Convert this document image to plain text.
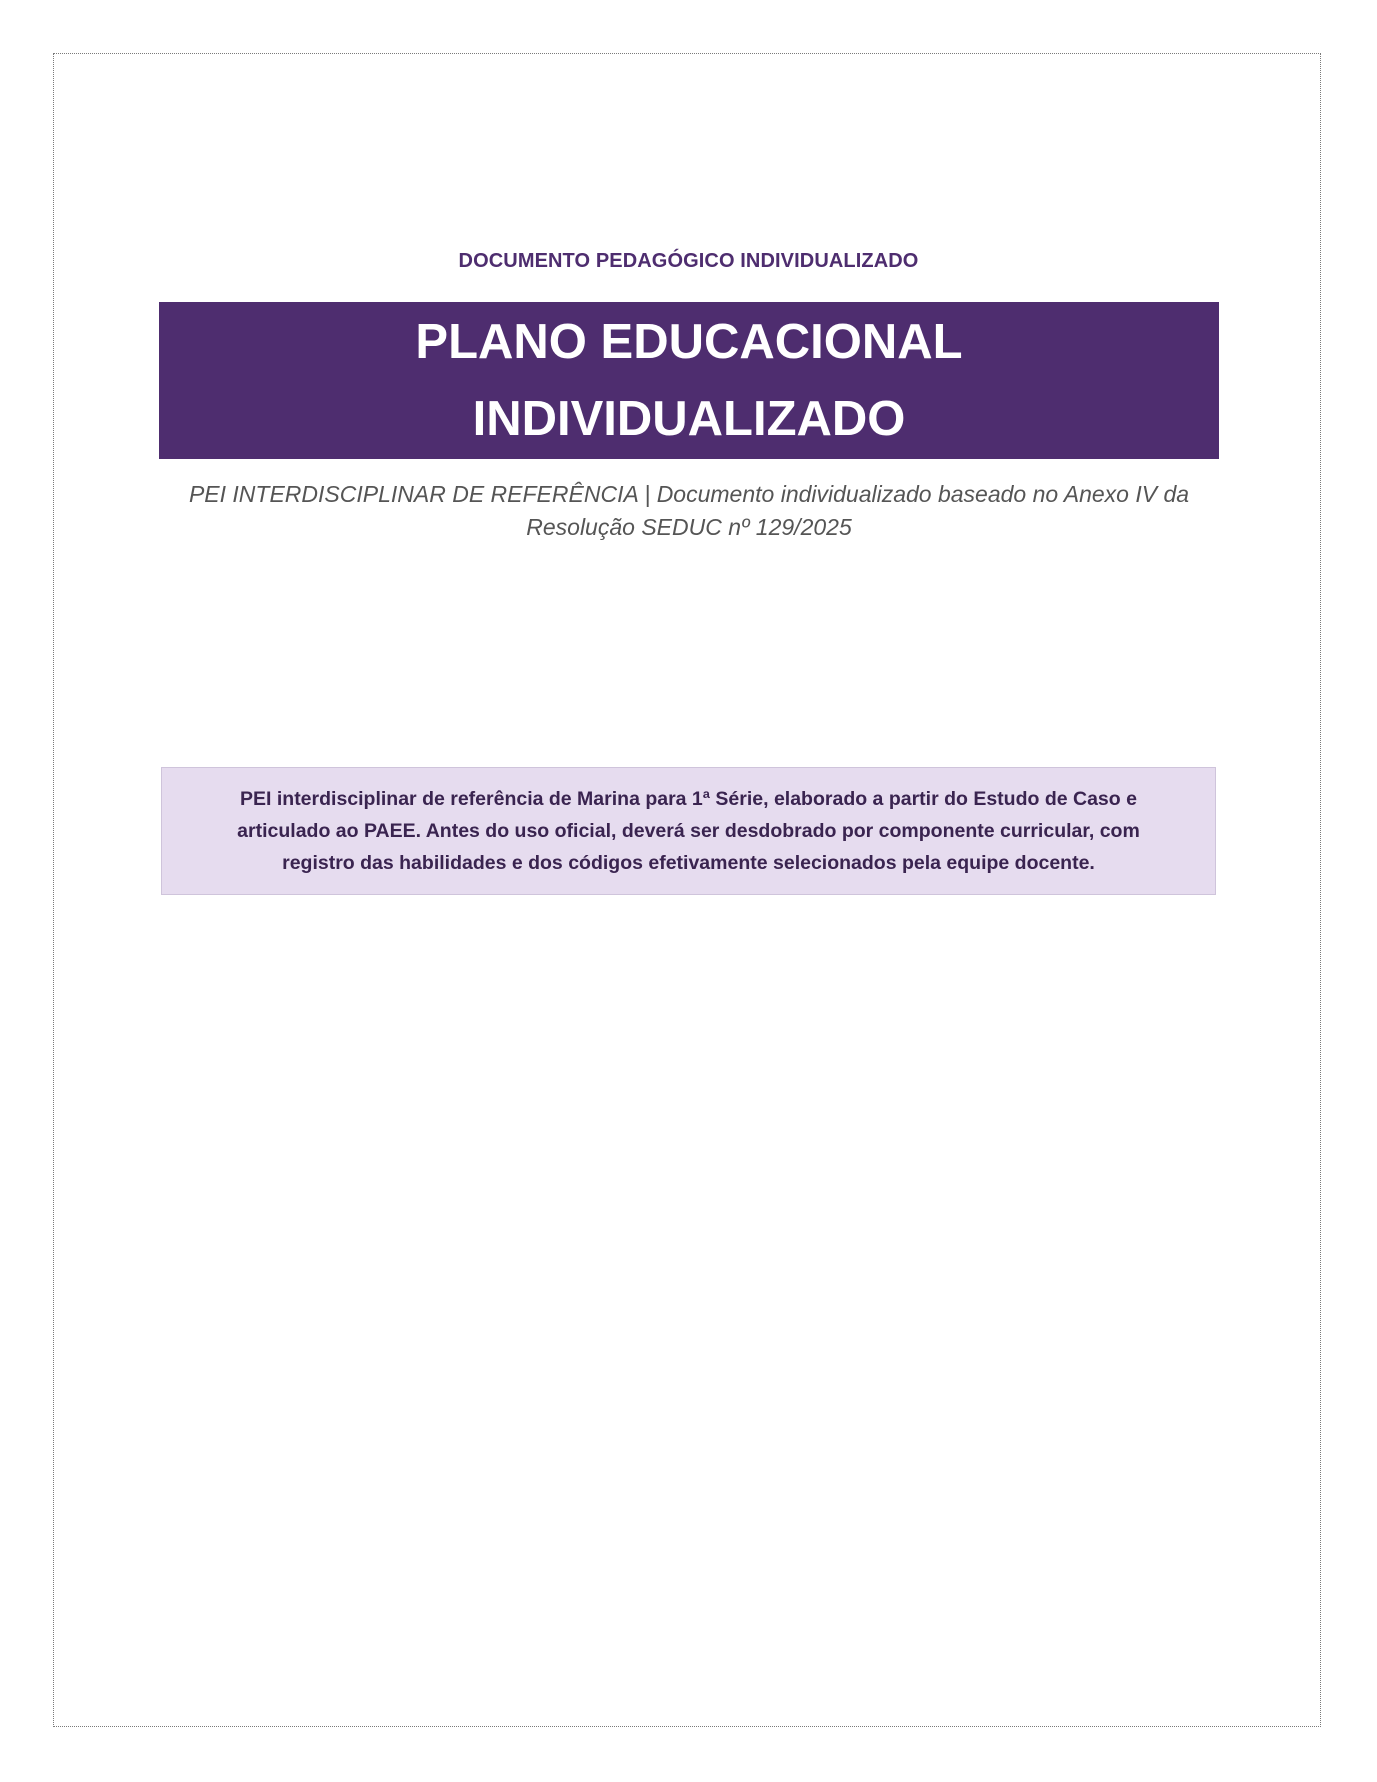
DOCUMENTO PEDAGÓGICO INDIVIDUALIZADO
PLANO EDUCACIONAL
INDIVIDUALIZADO
PEI INTERDISCIPLINAR DE REFERÊNCIA | Documento individualizado baseado no Anexo IV da
Resolução SEDUC nº 129/2025
PEI interdisciplinar de referência de Marina para 1ª Série, elaborado a partir do Estudo de Caso e
articulado ao PAEE. Antes do uso oficial, deverá ser desdobrado por componente curricular, com
registro das habilidades e dos códigos efetivamente selecionados pela equipe docente.
